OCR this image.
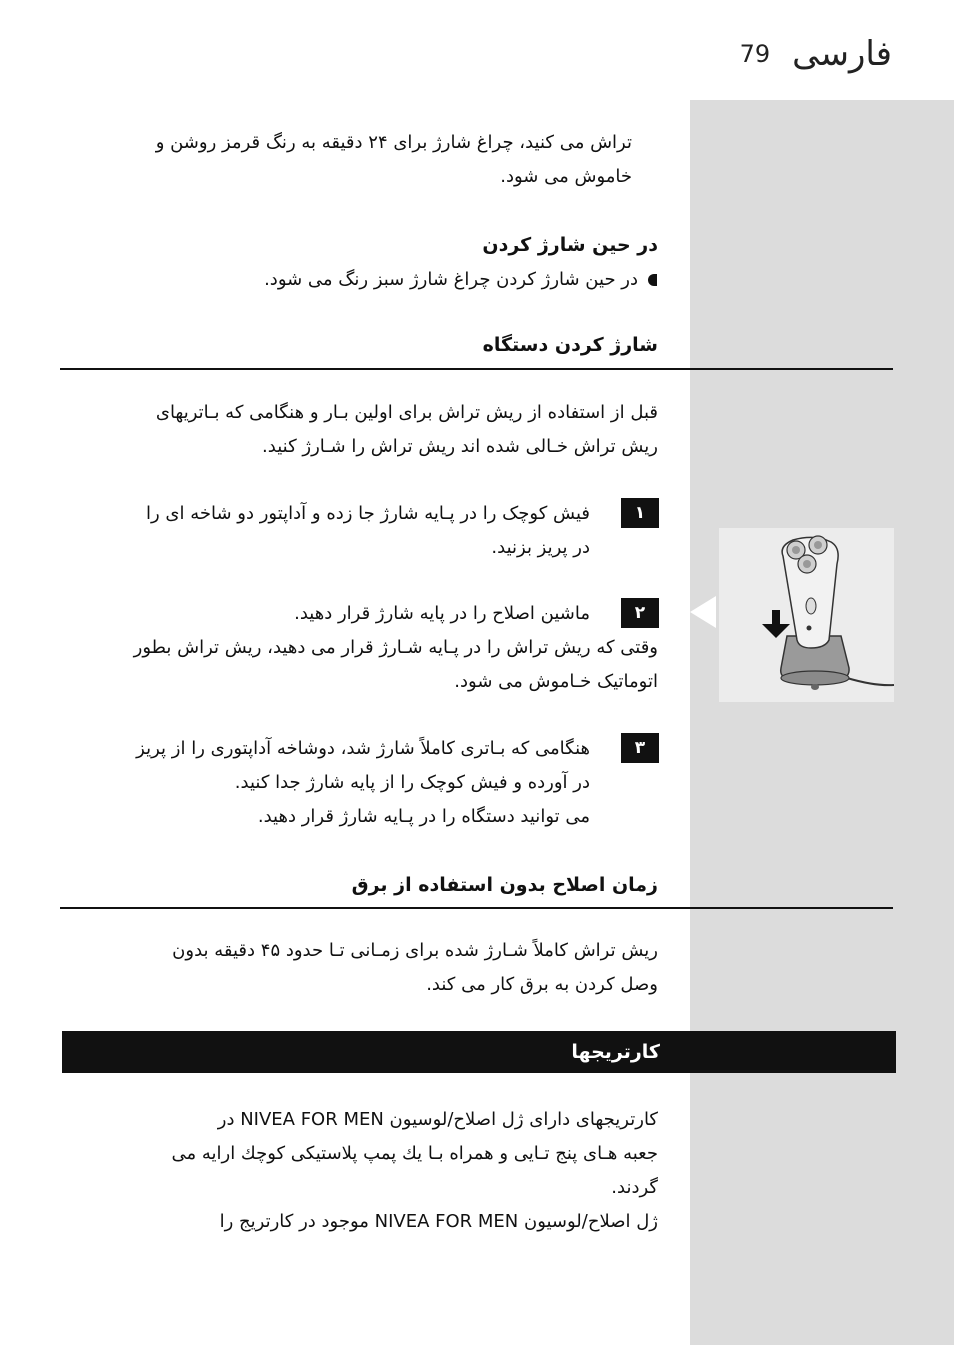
79 فارسی
تراش می کنید، چراغ شارژ برای ۲۴ دقیقه به رنگ قرمز روشن و
خاموش می شود.
در حین شارژ کردن
در حین شارژ کردن چراغ شارژ سبز رنگ می شود.
شارژ کردن دستگاه
قبل از استفاده از ریش تراش برای اولین بـار و هنگامی که بـاتریهای
ریش تراش خـالی شده اند ریش تراش را شـارژ کنید.
۱
فیش کوچک را در پـایه شارژ جا زده و آداپتور دو شاخه ای را
در پریز بزنید.
۲
ماشین اصلاح را در پایه شارژ قرار دهید.
وقتی که ریش تراش را در پـایه شـارژ قرار می دهید، ریش تراش بطور
اتوماتیک خـاموش می شود.
۳
هنگامی که بـاتری کاملاً شارژ شد، دوشاخه آداپتوری را از پریز
در آورده و فیش کوچک را از پایه شارژ جدا کنید.
می توانید دستگاه را در پـایه شارژ قرار دهید.
زمان اصلاح بدون استفاده از برق
ریش تراش کاملاً شـارژ شده برای زمـانی تـا حدود ۴۵ دقیقه بدون
وصل کردن به برق کار می کند.
کارتریجها
کارتریجهای دارای ژل اصلاح/لوسیون NIVEA FOR MEN در
جعبه هـای پنج تـایی و همراه بـا یك پمپ پلاستیکی کوچك ارایه می
گردند.
ژل اصلاح/لوسیون NIVEA FOR MEN موجود در کارتریج را
